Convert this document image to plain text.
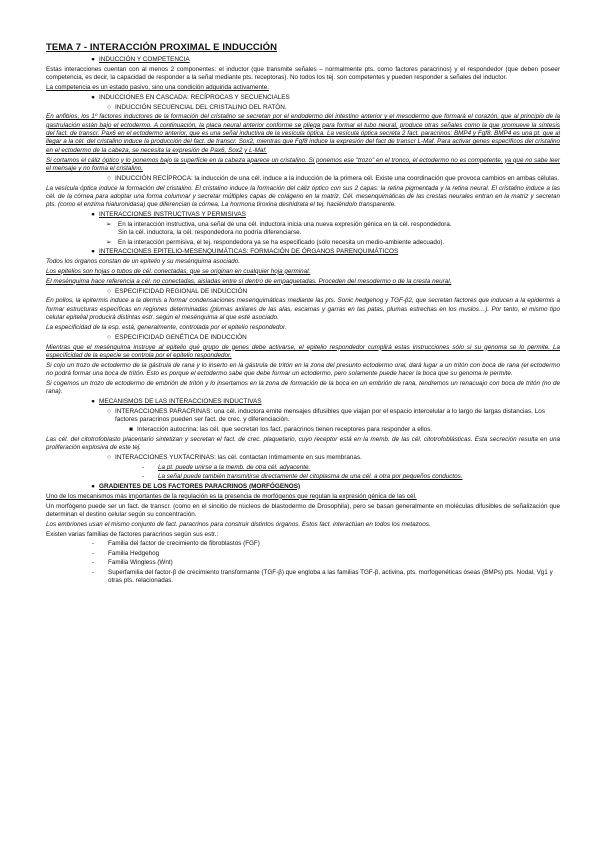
TEMA 7 - INTERACCIÓN PROXIMAL E INDUCCIÓN

● INDUCCIÓN Y COMPETENCIA

Estas interacciones cuentan con al menos 2 componentes: el inductor (que transmite señales – normalmente pts. como factores paracrinos) y el respondedor (que deben poseer competencia, es decir, la capacidad de responder a la señal mediante pts. receptoras). No todos los tej. son competentes y pueden responder a señales del inductor.

La competencia es un estado pasivo, sino una condición adquirida activamente.

● INDUCCIONES EN CASCADA: RECÍPROCAS Y SECUENCIALES
○ INDUCCIÓN SECUENCIAL DEL CRISTALINO DEL RATÓN.

En anfibios, los 1º factores inductores de la formación del cristalino se secretan por el endodermo del intestino anterior y el mesodermo que formará el corazón, que al principio de la gastrulación están bajo el ectodermo. A continuación, la placa neural anterior conforme se pliega para formar el tubo neural, produce otras señales como la que promueve la síntesis del fact. de transcr. Pax6 en el ectodermo anterior, que es una señal inductiva de la vesícula óptica. La vesícula óptica secreta 2 fact. paracrinos: BMP4 y Fgf8. BMP4 es una pt. que al llegar a la cél. del cristalino induce la producción del fact. de transcr. Sox2, mientras que Fgf8 induce la expresión del fact de transcr L-Maf. Para activar genes específicos del cristalino en el ectodermo de la cabeza, se necesita la expresión de Pax6, Sox2 y L-Maf.

Si cortamos el cáliz óptico y lo ponemos bajo la superficie en la cabeza aparece un cristalino. Si ponemos ese "trozo" en el tronco, el ectodermo no es competente, ya que no sabe leer el mensaje y no forma el cristalino.

○ INDUCCIÓN RECÍPROCA: la inducción de una cél. induce a la inducción de la primera cél. Existe una coordinación que provoca cambios en ambas células.

La vesícula óptica induce la formación del cristalino. El cristalino induce la formación del cáliz óptico con sus 2 capas: la retina pigmentada y la retina neural. El cristalino induce a las cél. de la córnea para adoptar una forma columnar y secretar múltiples capas de colágeno en la matriz. Cél. mesenquimáticas de las crestas neurales entran en la matriz y secretan pts. (como el enzima hialuronidasa) que diferencian la córnea. La hormona tiroxina deshidrata el tej. haciéndolo transparente.

● INTERACCIONES INSTRUCTIVAS Y PERMISIVAS
➢	En la interacción instructiva, una señal de una cél. inductora inicia una nueva expresión génica en la cél. respondedora.
Sin la cél. inductora, la cél. respondedora no podría diferenciarse.
➢	En la interacción permisiva, el tej. respondedora ya se ha especificado (sólo necesita un medio-ambiente adecuado).
● INTERACCIONES EPITELIO-MESENQUIMÁTICAS: FORMACIÓN DE ÓRGANOS PARENQUIMÁTICOS

Todos los órganos constan de un epitelio y su mesénquima asociado.

Los epitelios son hojas o tubos de cél. conectadas, que se originan en cualquier hoja germinal.

El mesénquima hace referencia a cél. no conectadas, aisladas entre sí dentro de empaquetadas. Proceden del mesodermo o de la cresta neural.

○ ESPECIFICIDAD REGIONAL DE INDUCCIÓN

En pollos, la epitermis induce a la dermis a formar condensaciones mesenquimáticas mediante las pts. Sonic hedgehog y TGF-β2, que secretan factores que inducen a la epidermis a formar estructuras específicas en regiones determinadas (plumas axilares de las alas, escamas y garras en las patas, plumas estrechas en los muslos…). Por tanto, el mismo tipo celular epitelial producirá distintas estr. según el mesénquima al que esté asociado.

La especificidad de la esp. está, generalmente, controlada por el epitelio respondedor.

○ ESPECIFICIDAD GENÉTICA DE INDUCCIÓN

Mientras que el mesénquima instruye al epitelio qué grupo de genes debe activarse, el epitelio respondedor cumplirá estas instrucciones sólo si su genoma se lo permite. La especificidad de la especie se controla por el epitelio respondedor.

Si cojo un trozo de ectodermo de la gástrula de rana y lo inserto en la gástrula de tritón en la zona del presunto ectodermo oral, dará lugar a un tritón con boca de rana (el ectodermo no podrá formar una boca de tritón. Esto es porque el ectodermo sabe que debe formar un ectodermo, pero solamente puede hacer la boca que su genoma le permite.

Si cogemos un trozo de ectodermo de embrión de tritón y lo insertamos en la zona de formación de la boca en un embrión de rana, tendremos un renacuajo con boca de tritón (no de rana).

● MECANISMOS DE LAS INTERACCIONES INDUCTIVAS
○ INTERACCIONES PARACRINAS: una cél. inductora emite mensajes difusibles que viajan por el espacio intercelular a lo largo de largas distancias. Los factores paracrinos pueden ser fact. de crec. y diferenciación.
■ Interacción autocrina: las cél. que secretan los fact. paracrinos tienen receptores para responder a ellos.

Las cél. del citotrofoblasto placentario sintetizan y secretan el fact. de crec. plaquetario, cuyo receptor está en la memb. de las cél. citotrofoblásticas. Esta secreción resulta en una proliferación explosiva de este tej.

○ INTERACCIONES YUXTACRINAS: las cél. contactan íntimamente en sus membranas.
-	La pt. puede unirse a la memb. de otra cél. adyacente.
-	La señal puede también transmitirse directamente del citoplasma de una cél. a otra por pequeños conductos.
● GRADIENTES DE LOS FACTORES PARACRINOS (MORFÓGENOS)

Uno de los mecanismos más importantes de la regulación es la presencia de morfógenos que regulan la expresión génica de las cél.

Un morfógeno puede ser un fact. de transcr. (como en el sincitio de núcleos de blastodermo de Drosophila), pero se basan generalmente en moléculas difusibles de señalización que determinan el destino celular según su concentración.

Los embriones usan el mismo conjunto de fact. paracrinos para construir distintos órganos. Estos fact. interactúan en todos los metazoos.

Existen varias familias de factores paracrinos según sus estr.:

-	Familia del factor de crecimiento de fibroblastos (FGF)
-	Familia Hedgehog
-	Familia Wingless (Wnt)
-	Superfamilia del factor-β de crecimiento transformante (TGF-β) que engloba a las familias TGF-β, activina, pts. morfogenéticas óseas (BMPs) pts. Nodal, Vg1 y otras pts. relacionadas.
